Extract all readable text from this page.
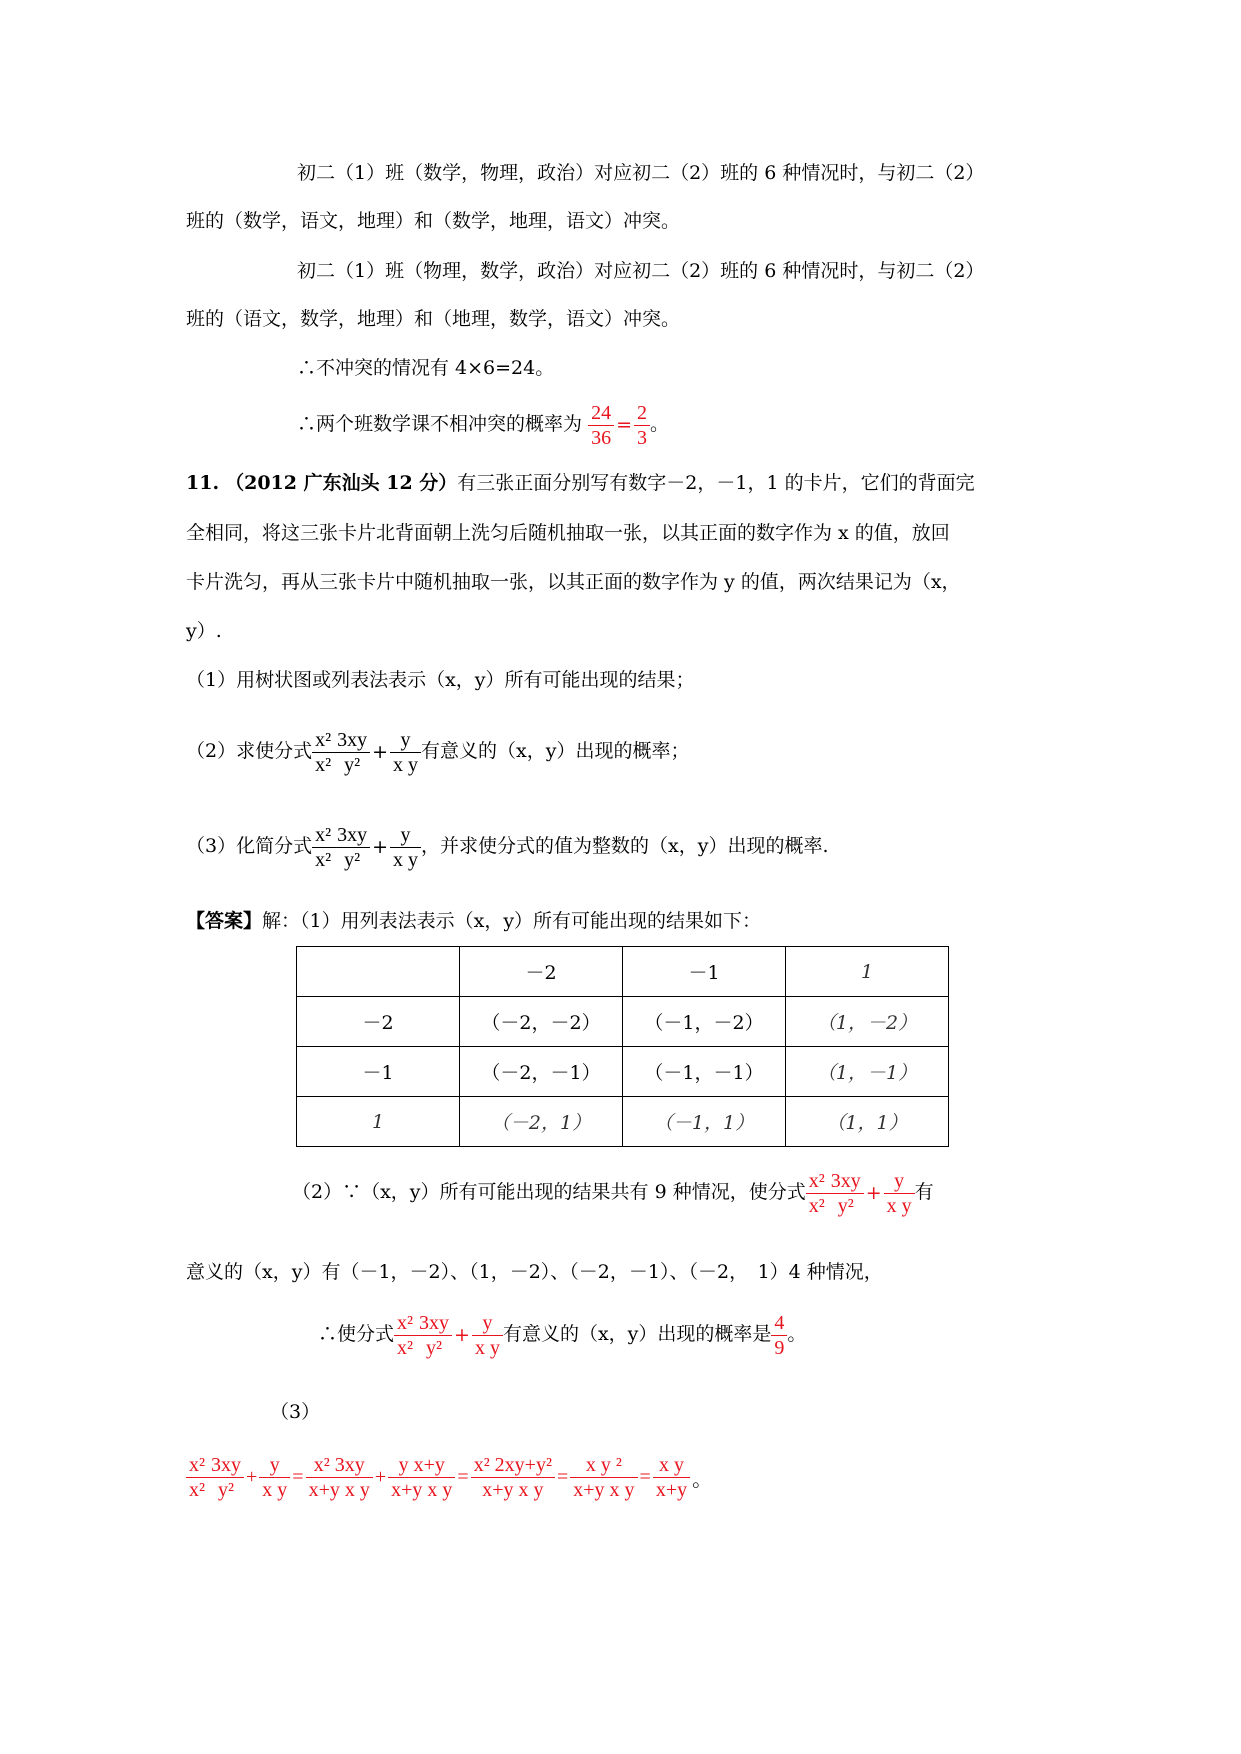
初二（1）班（数学，物理，政治）对应初二（2）班的 6 种情况时，与初二（2）
班的（数学，语文，地理）和（数学，地理，语文）冲突。
初二（1）班（物理，数学，政治）对应初二（2）班的 6 种情况时，与初二（2）
班的（语文，数学，地理）和（地理，数学，语文）冲突。
∴不冲突的情况有 4×6=24。
∴两个班数学课不相冲突的概率为 $\frac{24}{36} = \frac{2}{3}$ 。
11. （2012 广东汕头 12 分）有三张正面分别写有数字－2，－1，1 的卡片，它们的背面完
全相同，将这三张卡片北背面朝上洗匀后随机抽取一张，以其正面的数字作为 x 的值，放回
卡片洗匀，再从三张卡片中随机抽取一张，以其正面的数字作为 y 的值，两次结果记为（x，
y）.
（1）用树状图或列表法表示（x，y）所有可能出现的结果；
（2）求使分式 $\frac{\text{x²}}{\text{x²}} \frac{3xy}{\text{y²}} + \frac{y}{\text{x y}}$ 有意义的（x，y）出现的概率；
（3）化简分式 $\frac{\text{x²}}{\text{x²}} \frac{3xy}{\text{y²}} + \frac{y}{\text{x y}}$ ，并求使分式的值为整数的（x，y）出现的概率.
【答案】解：（1）用列表法表示（x，y）所有可能出现的结果如下：
	－2	－1	1
－2	（－2，－2）	（－1，－2）	（1，－2）
－1	（－2，－1）	（－1，－1）	（1，－1）
1	（－2，1）	（－1，1）	（1，1）
（2）∵（x，y）所有可能出现的结果共有 9 种情况，使分式 $\frac{\text{x²}}{\text{x²}} \frac{3xy}{\text{y²}} + \frac{y}{\text{x y}}$ 有
意义的（x，y）有（－1，－2）、（1，－2）、（－2，－1）、（－2，　1）4 种情况，
∴使分式 $\frac{\text{x²}}{\text{x²}} \frac{3xy}{\text{y²}} + \frac{y}{\text{x y}}$ 有意义的（x，y）出现的概率是 $\frac{4}{9}$ 。
（3）
$\frac{\text{x²}}{\text{x²}} \frac{3xy}{\text{y²}} + \frac{y}{\text{x y}} = \frac{\text{x² 3xy}}{\text{x+y x y}} + \frac{\text{y x+y}}{\text{x+y x y}} = \frac{\text{x² 2xy+y²}}{\text{x+y x y}} = \frac{\text{x y ²}}{\text{x+y x y}} = \frac{\text{x y}}{x+y}$ 。
